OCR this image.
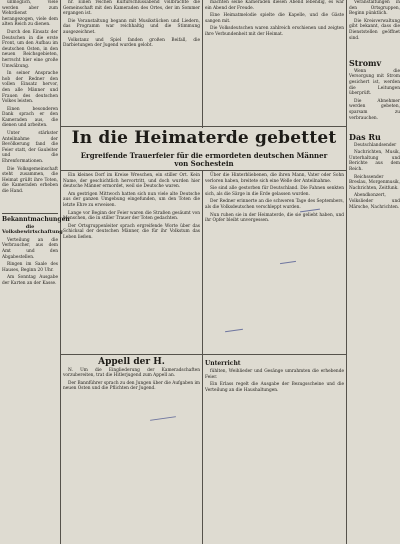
unmöglich, viele werden aber zum Wehrdienst herangezogen, viele dem alten Reich zu dienen.

Durch den Einsatz der Deutschen in die erste Front, um den Aufbau im deutschen Osten, in den neuen Reichsgebieten, herrscht hier eine große Umwälzung.

In seiner Ansprache hob der Redner den vollen Einsatz hervor, den alle Männer und Frauen des deutschen Volkes leisten.

Einen besonderen Dank sprach er den Kameraden aus, die dienen und arbeiten.

Unter stärkster Anteilnahme der Bevölkerung fand die Feier statt, der Gauleiter und die Ehrenformationen.

Die Volksgemeinschaft steht zusammen, die Heimat grüßt ihre Toten, die Kameraden erheben die Hand.

Bekanntmachungen
die Volksbewirtschaftung

Verteilung an die Verbraucher, aus dem Amt und den Abgabestellen.

Ringen im Saale des Hauses, Beginn 20 Uhr.

Am Sonntag Ausgabe der Karten an der Kasse.

nr. Einen reichen Kulturschlussabend vollbrachte die Gemeinschaft mit den Kameraden des Ortes, der im Sommer ergangen ist.

Die Veranstaltung begann mit Musikstücken und Liedern, das Programm war reichhaltig und die Stimmung ausgezeichnet.

Volkstanz und Spiel fanden großen Beifall, die Darbietungen der Jugend wurden gelobt.

machten seine Kameraden diesen Abend lebendig, es war ein Abend der Freude.

Eine Heimatmelodie spielte die Kapelle, und die Gäste sangen mit.

Die Volksdeutschen waren zahlreich erschienen und zeigten ihre Verbundenheit mit der Heimat.

In die Heimaterde gebettet
Ergreifende Trauerfeier für die ermordeten deutschen Männer
von Sochestein

Ein kleines Dorf im Kreise Wreschen, ein stiller Ort. Kein Name, der geschichtlich hervortritt, und doch wurden hier deutsche Männer ermordet, weil sie Deutsche waren.

Am gestrigen Mittwoch hatten sich nun viele alte Deutsche aus der ganzen Umgebung eingefunden, um den Toten die letzte Ehre zu erweisen.

Lange vor Beginn der Feier waren die Straßen gesäumt von Menschen, die in stiller Trauer der Toten gedachten.

Der Ortsgruppenleiter sprach ergreifende Worte über das Schicksal der deutschen Männer, die für ihr Volkstum das Leben ließen.

Über die Hinterbliebenen, die ihren Mann, Vater oder Sohn verloren haben, breitete sich eine Welle der Anteilnahme.

Sie sind alle gestorben für Deutschland. Die Fahnen senkten sich, als die Särge in die Erde gelassen wurden.

Der Redner erinnerte an die schweren Tage des Septembers, als die Volksdeutschen verschleppt wurden.

Nun ruhen sie in der Heimaterde, die sie geliebt haben, und ihr Opfer bleibt unvergessen.

Appell der H.

N. Um die Eingliederung der Kameradschaften vorzubereiten, trat die Hitlerjugend zum Appell an.

Der Bannführer sprach zu den Jungen über die Aufgaben im neuen Osten und die Pflichten der Jugend.

Unterricht

fühlten, Weihlieder und Gesänge umrahmten die erhebende Feier.

Ein Erlass regelt die Ausgabe der Bezugsscheine und die Verteilung an die Haushaltungen.

Veranstaltungen in den Ortsgruppen, Beginn pünktlich.

Die Kreisverwaltung gibt bekannt, dass die Dienststellen geöffnet sind.

Stromv

Wenn die Versorgung mit Strom gesichert ist, werden die Leitungen überprüft.

Die Abnehmer werden gebeten, sparsam zu verbrauchen.

Das Ru

Deutschlandsender

Nachrichten, Musik, Unterhaltung und Berichte aus dem Reich.

Reichssender Breslau, Morgenmusik, Nachrichten, Zeitfunk.

Abendkonzert, Volkslieder und Märsche, Nachrichten.
